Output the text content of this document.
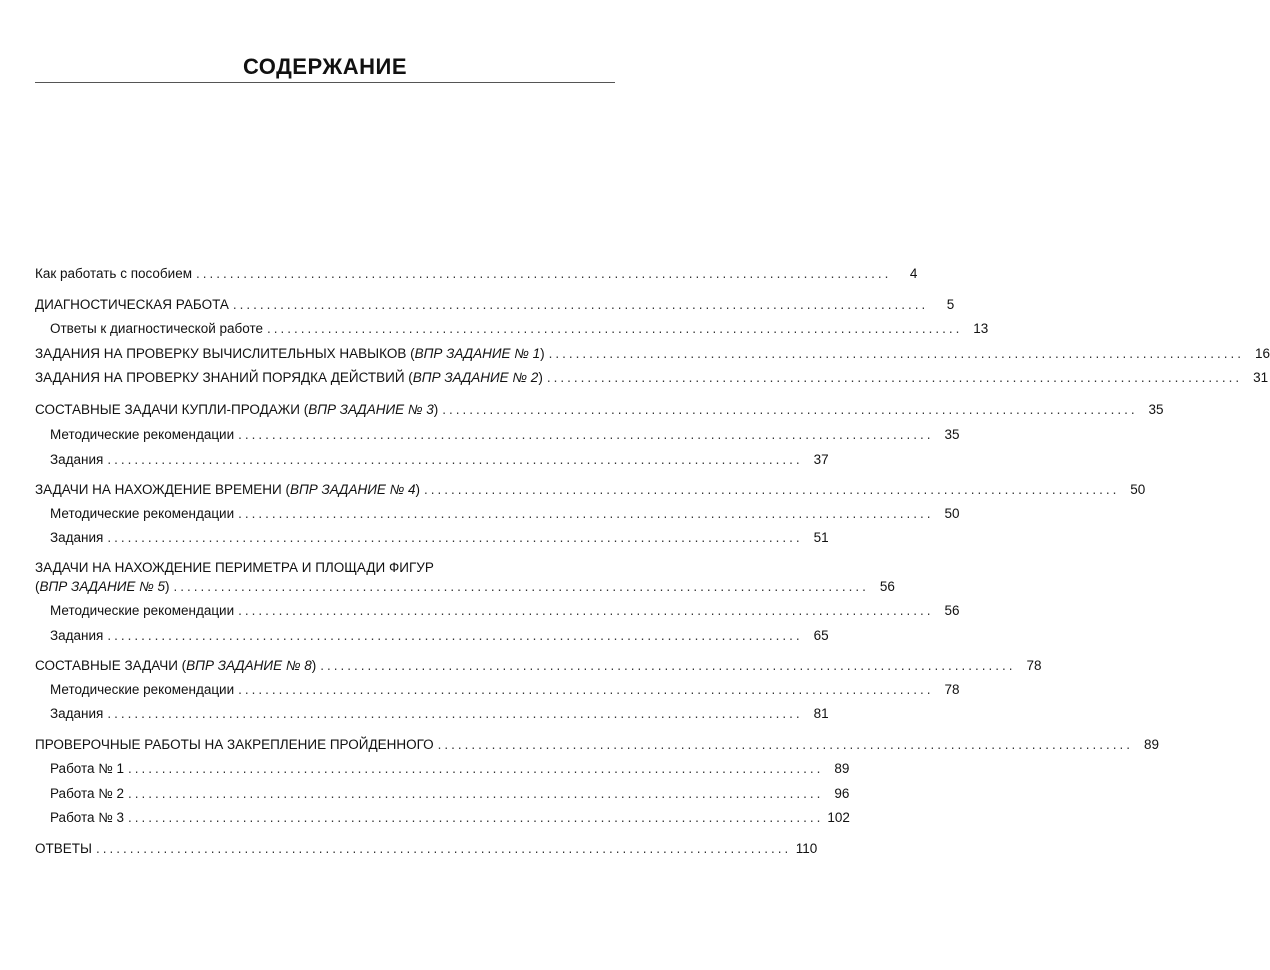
СОДЕРЖАНИЕ
Как работать с пособием .......................................................................................................	4
ДИАГНОСТИЧЕСКАЯ РАБОТА .......................................................................................................	5
Ответы к диагностической работе ....................................................................................................... 13
ЗАДАНИЯ НА ПРОВЕРКУ ВЫЧИСЛИТЕЛЬНЫХ НАВЫКОВ (ВПР ЗАДАНИЕ № 1) ....................................................................................................... 16
ЗАДАНИЯ НА ПРОВЕРКУ ЗНАНИЙ ПОРЯДКА ДЕЙСТВИЙ (ВПР ЗАДАНИЕ № 2) ....................................................................................................... 31
СОСТАВНЫЕ ЗАДАЧИ КУПЛИ-ПРОДАЖИ (ВПР ЗАДАНИЕ № 3) ....................................................................................................... 35
Методические рекомендации ....................................................................................................... 35
Задания ....................................................................................................... 37
ЗАДАЧИ НА НАХОЖДЕНИЕ ВРЕМЕНИ (ВПР ЗАДАНИЕ № 4) ....................................................................................................... 50
Методические рекомендации ....................................................................................................... 50
Задания ....................................................................................................... 51
ЗАДАЧИ НА НАХОЖДЕНИЕ ПЕРИМЕТРА И ПЛОЩАДИ ФИГУР
(ВПР ЗАДАНИЕ № 5) ....................................................................................................... 56
Методические рекомендации ....................................................................................................... 56
Задания ....................................................................................................... 65
СОСТАВНЫЕ ЗАДАЧИ (ВПР ЗАДАНИЕ № 8) ....................................................................................................... 78
Методические рекомендации ....................................................................................................... 78
Задания ....................................................................................................... 81
ПРОВЕРОЧНЫЕ РАБОТЫ НА ЗАКРЕПЛЕНИЕ ПРОЙДЕННОГО ....................................................................................................... 89
Работа № 1 ....................................................................................................... 89
Работа № 2 ....................................................................................................... 96
Работа № 3 ....................................................................................................... 102
ОТВЕТЫ ....................................................................................................... 110
